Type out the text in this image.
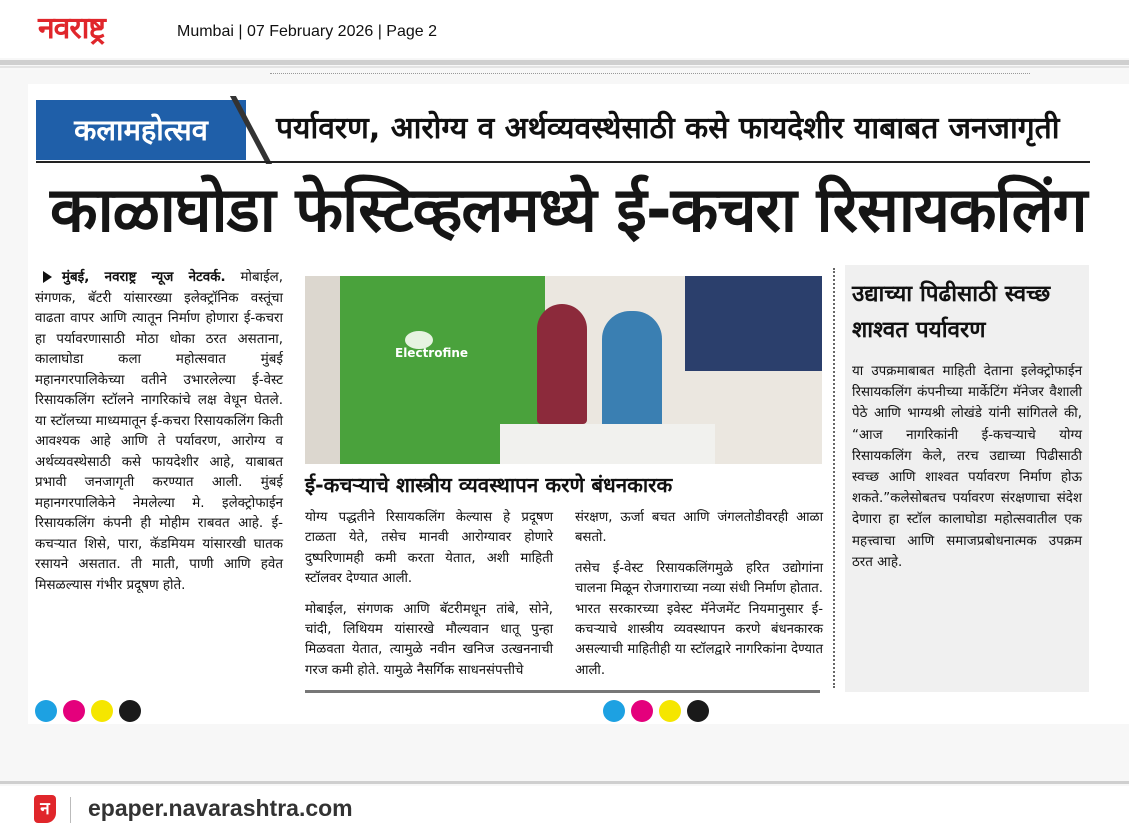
नवराष्ट्र	Mumbai | 07 February 2026 | Page 2
कलामहोत्सव	पर्यावरण, आरोग्य व अर्थव्यवस्थेसाठी कसे फायदेशीर याबाबत जनजागृती
काळाघोडा फेस्टिव्हलमध्ये ई-कचरा रिसायकलिंग
मुंबई, नवराष्ट्र न्यूज नेटवर्क. मोबाईल, संगणक, बॅटरी यांसारख्या इलेक्ट्रॉनिक वस्तूंचा वाढता वापर आणि त्यातून निर्माण होणारा ई-कचरा हा पर्यावरणासाठी मोठा धोका ठरत असताना, कालाघोडा कला महोत्सवात मुंबई महानगरपालिकेच्या वतीने उभारलेल्या ई-वेस्ट रिसायकलिंग स्टॉलने नागरिकांचे लक्ष वेधून घेतले. या स्टॉलच्या माध्यमातून ई-कचरा रिसायकलिंग किती आवश्यक आहे आणि ते पर्यावरण, आरोग्य व अर्थव्यवस्थेसाठी कसे फायदेशीर आहे, याबाबत प्रभावी जनजागृती करण्यात आली. मुंबई महानगरपालिकेने नेमलेल्या मे. इलेक्ट्रोफाईन रिसायकलिंग कंपनी ही मोहीम राबवत आहे. ई-कचऱ्यात शिसे, पारा, कॅडमियम यांसारखी घातक रसायने असतात. ती माती, पाणी आणि हवेत मिसळल्यास गंभीर प्रदूषण होते.
Electrofine
ई-कचऱ्याचे शास्त्रीय व्यवस्थापन करणे बंधनकारक

योग्य पद्धतीने रिसायकलिंग केल्यास हे प्रदूषण टाळता येते, तसेच मानवी आरोग्यावर होणारे दुष्परिणामही कमी करता येतात, अशी माहिती स्टॉलवर देण्यात आली.

मोबाईल, संगणक आणि बॅटरीमधून तांबे, सोने, चांदी, लिथियम यांसारखे मौल्यवान धातू पुन्हा मिळवता येतात, त्यामुळे नवीन खनिज उत्खननाची गरज कमी होते. यामुळे नैसर्गिक साधनसंपत्तीचे

संरक्षण, ऊर्जा बचत आणि जंगलतोडीवरही आळा बसतो.

तसेच ई-वेस्ट रिसायकलिंगमुळे हरित उद्योगांना चालना मिळून रोजगाराच्या नव्या संधी निर्माण होतात. भारत सरकारच्या इवेस्ट मॅनेजमेंट नियमानुसार ई-कचऱ्याचे शास्त्रीय व्यवस्थापन करणे बंधनकारक असल्याची माहितीही या स्टॉलद्वारे नागरिकांना देण्यात आली.

उद्याच्या पिढीसाठी स्वच्छ शाश्वत पर्यावरण
या उपक्रमाबाबत माहिती देताना इलेक्ट्रोफाईन रिसायकलिंग कंपनीच्या मार्केटिंग मॅनेजर वैशाली पेठे आणि भाग्यश्री लोखंडे यांनी सांगितले की, “आज नागरिकांनी ई-कचऱ्याचे योग्य रिसायकलिंग केले, तरच उद्याच्या पिढीसाठी स्वच्छ आणि शाश्वत पर्यावरण निर्माण होऊ शकते.”कलेसोबतच पर्यावरण संरक्षणाचा संदेश देणारा हा स्टॉल कालाघोडा महोत्सवातील एक महत्त्वाचा आणि समाजप्रबोधनात्मक उपक्रम ठरत आहे.
न epaper.navarashtra.com
